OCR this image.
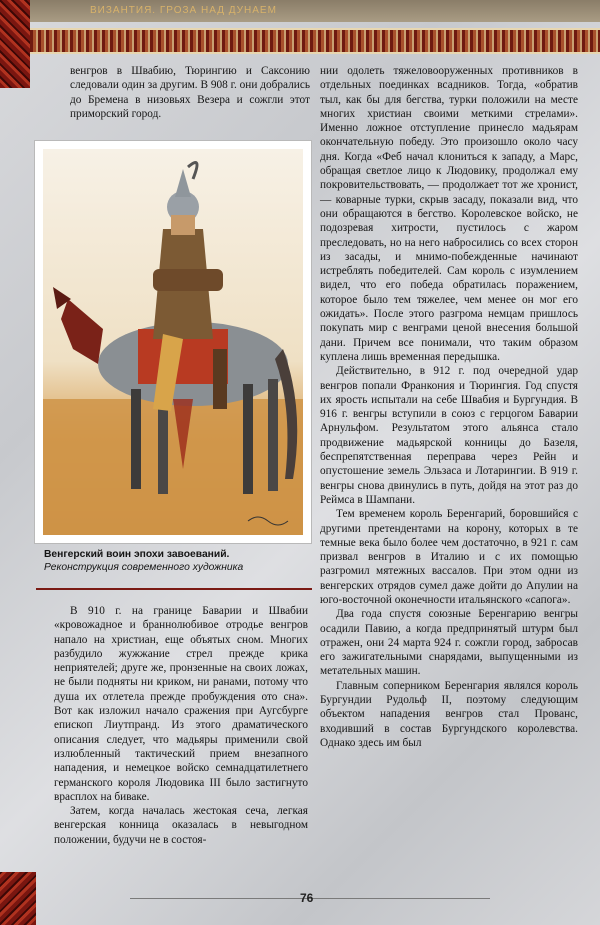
ВИЗАНТИЯ. ГРОЗА НАД ДУНАЕМ

венгров в Швабию, Тюрингию и Саксонию следовали один за другим. В 908 г. они добрались до Бремена в низовьях Везера и сожгли этот приморский город.

Венгерский воин эпохи завоеваний.
Реконструкция современного художника

В 910 г. на границе Баварии и Швабии «кровожадное и браннолюбивое отродье венгров напало на христиан, еще объятых сном. Многих разбудило жужжание стрел прежде крика неприятелей; друге же, пронзенные на своих ложах, не были подняты ни криком, ни ранами, потому что душа их отлетела прежде пробуждения ото сна». Вот как изложил начало сражения при Аугсбурге епископ Лиутпранд. Из этого драматического описания следует, что мадьяры применили свой излюбленный тактический прием внезапного нападения, и немецкое войско семнадцатилетнего германского короля Людовика III было застигнуто врасплох на биваке.

Затем, когда началась жестокая сеча, легкая венгерская конница оказалась в невыгодном положении, будучи не в состоя-

нии одолеть тяжеловооруженных противников в отдельных поединках всадников. Тогда, «обратив тыл, как бы для бегства, турки положили на месте многих христиан своими меткими стрелами». Именно ложное отступление принесло мадьярам окончательную победу. Это произошло около часу дня. Когда «Феб начал клониться к западу, а Марс, обращая светлое лицо к Людовику, продолжал ему покровительствовать, — продолжает тот же хронист, — коварные турки, скрыв засаду, показали вид, что они обращаются в бегство. Королевское войско, не подозревая хитрости, пустилось с жаром преследовать, но на него набросились со всех сторон из засады, и мнимо-побежденные начинают истреблять победителей. Сам король с изумлением видел, что его победа обратилась поражением, которое было тем тяжелее, чем менее он мог его ожидать». После этого разгрома немцам пришлось покупать мир с венграми ценой внесения большой дани. Причем все понимали, что таким образом куплена лишь временная передышка.

Действительно, в 912 г. под очередной удар венгров попали Франкония и Тюрингия. Год спустя их ярость испытали на себе Швабия и Бургундия. В 916 г. венгры вступили в союз с герцогом Баварии Арнульфом. Результатом этого альянса стало продвижение мадьярской конницы до Базеля, беспрепятственная переправа через Рейн и опустошение земель Эльзаса и Лотарингии. В 919 г. венгры снова двинулись в путь, дойдя на этот раз до Реймса в Шампани.

Тем временем король Беренгарий, боровшийся с другими претендентами на корону, которых в те темные века было более чем достаточно, в 921 г. сам призвал венгров в Италию и с их помощью разгромил мятежных вассалов. При этом одни из венгерских отрядов сумел даже дойти до Апулии на юго-восточной оконечности итальянского «сапога».

Два года спустя союзные Беренгарию венгры осадили Павию, а когда предпринятый штурм был отражен, они 24 марта 924 г. сожгли город, забросав его зажигательными снарядами, выпущенными из метательных машин.

Главным соперником Беренгария являлся король Бургундии Рудольф II, поэтому следующим объектом нападения венгров стал Прованс, входивший в состав Бургундского королевства. Однако здесь им был

76
